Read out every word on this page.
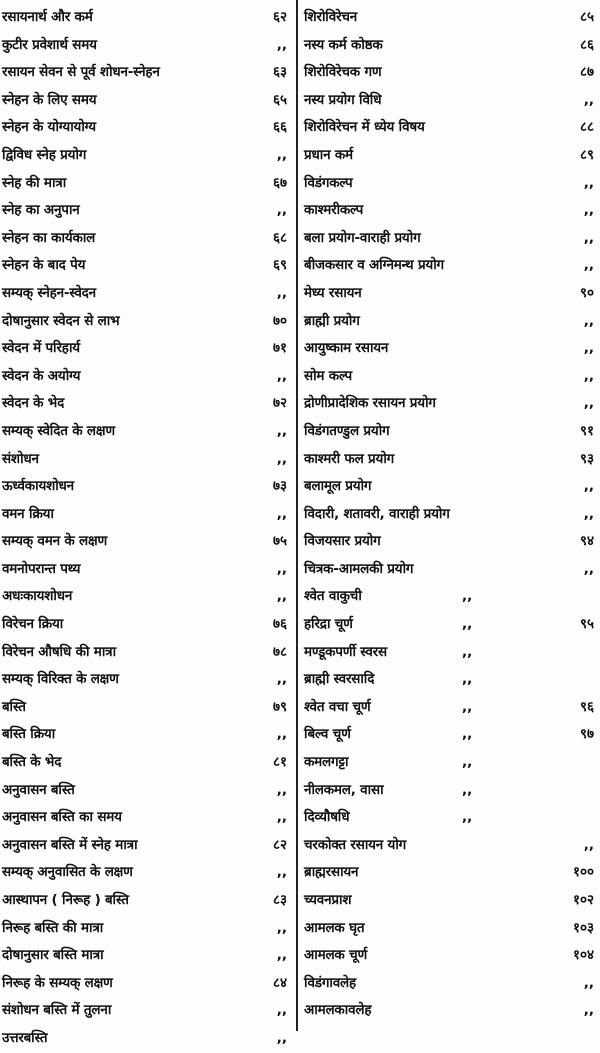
रसायनार्थ और कर्म	६२
कुटीर प्रवेशार्थ समय	,,
रसायन सेवन से पूर्व शोधन-स्नेहन	६३
स्नेहन के लिए समय	६५
स्नेहन के योग्यायोग्य	६६
द्विविध स्नेह प्रयोग	,,
स्नेह की मात्रा	६७
स्नेह का अनुपान	,,
स्नेहन का कार्यकाल	६८
स्नेहन के बाद पेय	६९
सम्यक् स्नेहन-स्वेदन	,,
दोषानुसार स्वेदन से लाभ	७०
स्वेदन में परिहार्य	७१
स्वेदन के अयोग्य	,,
स्वेदन के भेद	७२
सम्यक् स्वेदित के लक्षण	,,
संशोधन	,,
ऊर्ध्वकायशोधन	७३
वमन क्रिया	,,
सम्यक् वमन के लक्षण	७५
वमनोपरान्त पथ्य	,,
अधःकायशोधन	,,
विरेचन क्रिया	७६
विरेचन औषधि की मात्रा	७८
सम्यक् विरिक्त के लक्षण	,,
बस्ति	७९
बस्ति क्रिया	,,
बस्ति के भेद	८१
अनुवासन बस्ति	,,
अनुवासन बस्ति का समय	,,
अनुवासन बस्ति में स्नेह मात्रा	८२
सम्यक् अनुवासित के लक्षण	,,
आस्थापन ( निरूह ) बस्ति	८३
निरूह बस्ति की मात्रा	,,
दोषानुसार बस्ति मात्रा	,,
निरूह के सम्यक् लक्षण	८४
संशोधन बस्ति में तुलना	,,
उत्तरबस्ति	,,
शिरोविरेचन	८५
नस्य कर्म कोष्ठक	८६
शिरोविरेचक गण	८७
नस्य प्रयोग विधि	,,
शिरोविरेचन में ध्येय विषय	८८
प्रधान कर्म	८९
विडंगकल्प	,,
काश्मरीकल्प	,,
बला प्रयोग-वाराही प्रयोग	,,
बीजकसार व अग्निमन्थ प्रयोग	,,
मेध्य रसायन	९०
ब्राह्मी प्रयोग	,,
आयुष्काम रसायन	,,
सोम कल्प	,,
द्रोणीप्रादेशिक रसायन प्रयोग	,,
विडंगतण्डुल प्रयोग	९१
काश्मरी फल प्रयोग	९३
बलामूल प्रयोग	,,
विदारी, शतावरी, वाराही प्रयोग	,,
विजयसार प्रयोग	९४
चित्रक-आमलकी प्रयोग	,,
श्वेत वाकुची	,,
हरिद्रा चूर्ण	,,	९५
मण्डूकपर्णी स्वरस	,,
ब्राह्मी स्वरसादि	,,
श्वेत वचा चूर्ण	,,	९६
बिल्व चूर्ण	,,	९७
कमलगट्टा	,,
नीलकमल, वासा	,,
दिव्यौषधि	,,
चरकोक्त रसायन योग	,,
ब्राह्मरसायन	१००
च्यवनप्राश	१०२
आमलक घृत	१०३
आमलक चूर्ण	१०४
विडंगावलेह	,,
आमलकावलेह	,,
